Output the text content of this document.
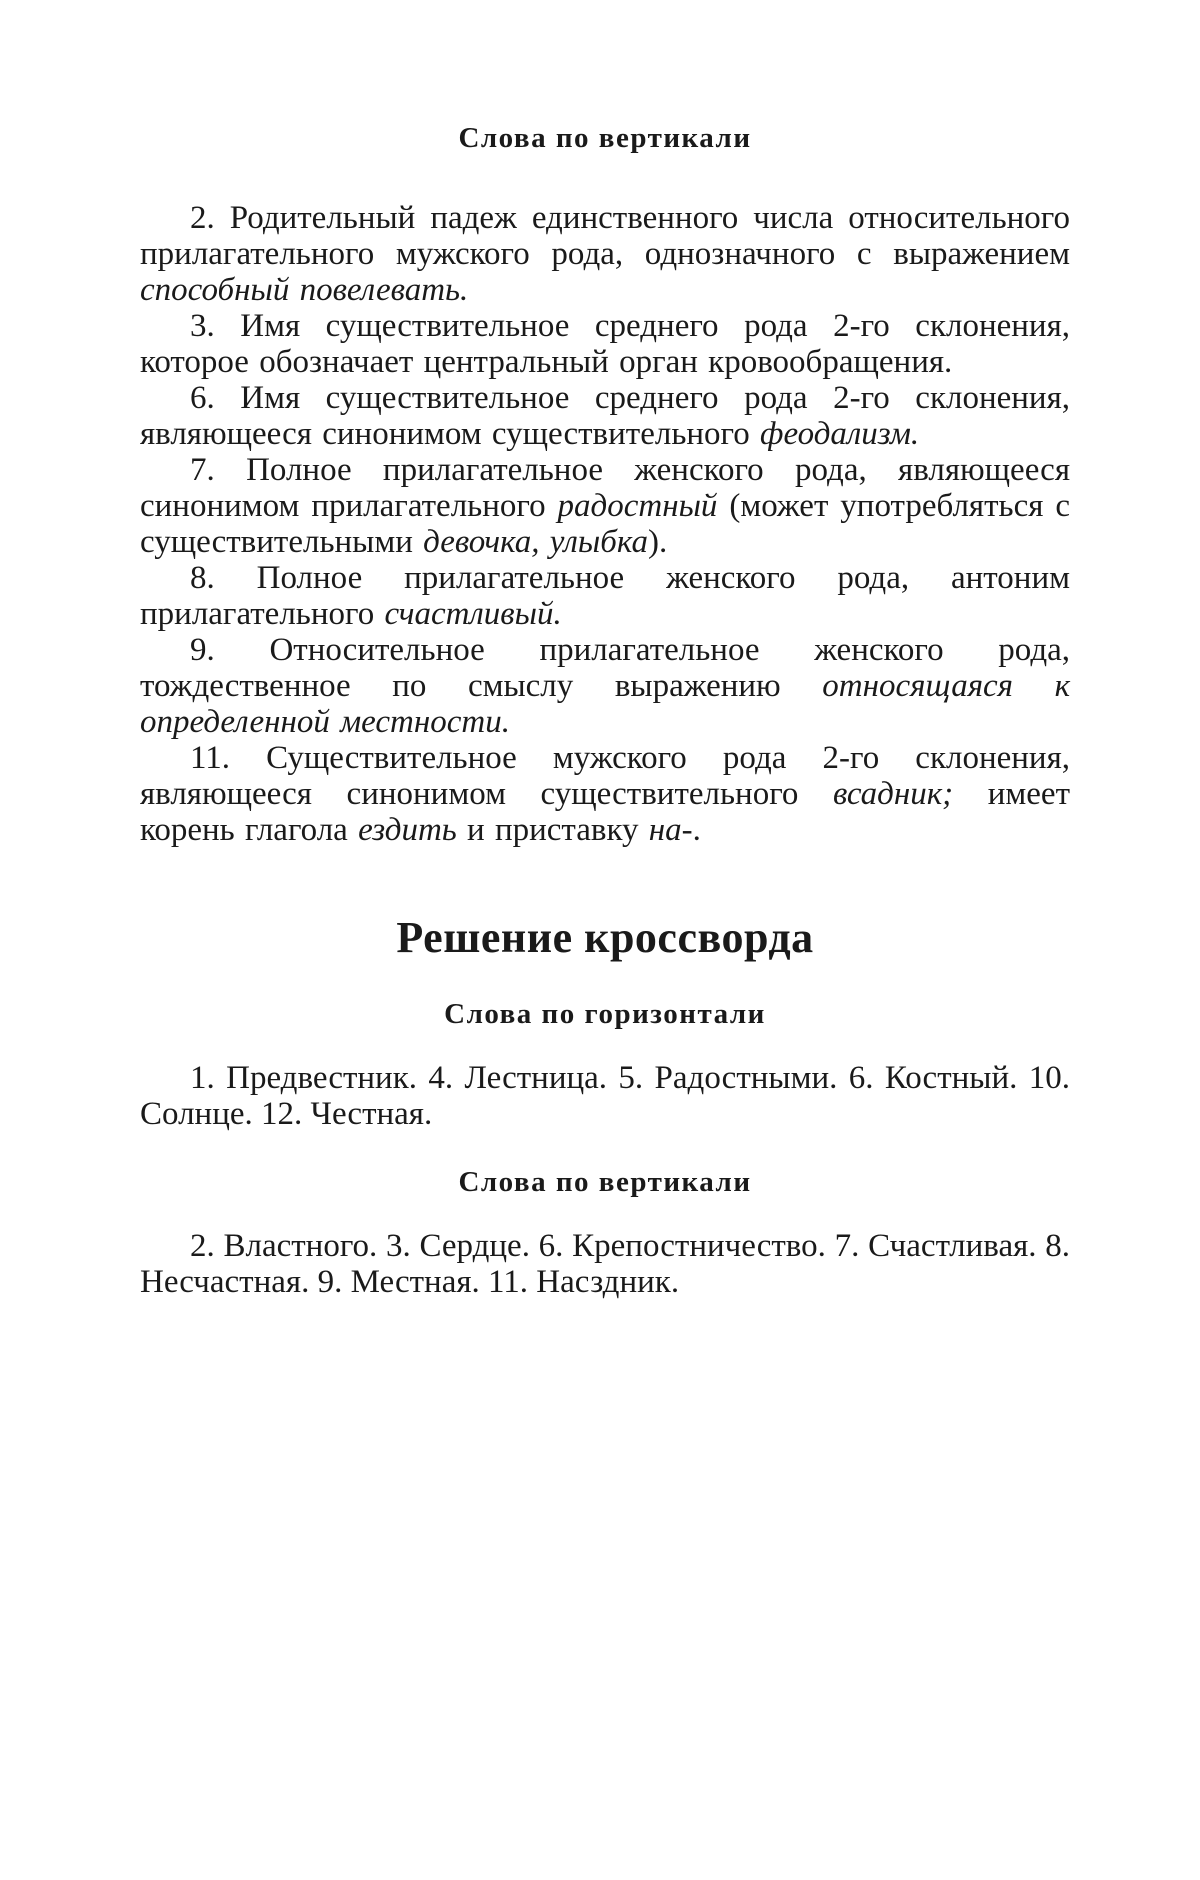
Слова по вертикали

2. Родительный падеж единственного числа относительного прилагательного мужского рода, однозначного с выражением способный повелевать.

3. Имя существительное среднего рода 2-го склонения, которое обозначает центральный орган кровообращения.

6. Имя существительное среднего рода 2-го склонения, являющееся синонимом существительного феодализм.

7. Полное прилагательное женского рода, являющееся синонимом прилагательного радостный (может употребляться с существительными девочка, улыбка).

8. Полное прилагательное женского рода, антоним прилагательного счастливый.

9. Относительное прилагательное женского рода, тождественное по смыслу выражению относящаяся к определенной местности.

11. Существительное мужского рода 2-го склонения, являющееся синонимом существительного всадник; имеет корень глагола ездить и приставку на-.

Решение кроссворда
Слова по горизонтали

1. Предвестник. 4. Лестница. 5. Радостными. 6. Костный. 10. Солнце. 12. Честная.

Слова по вертикали

2. Властного. 3. Сердце. 6. Крепостничество. 7. Счастливая. 8. Несчастная. 9. Местная. 11. Насздник.
